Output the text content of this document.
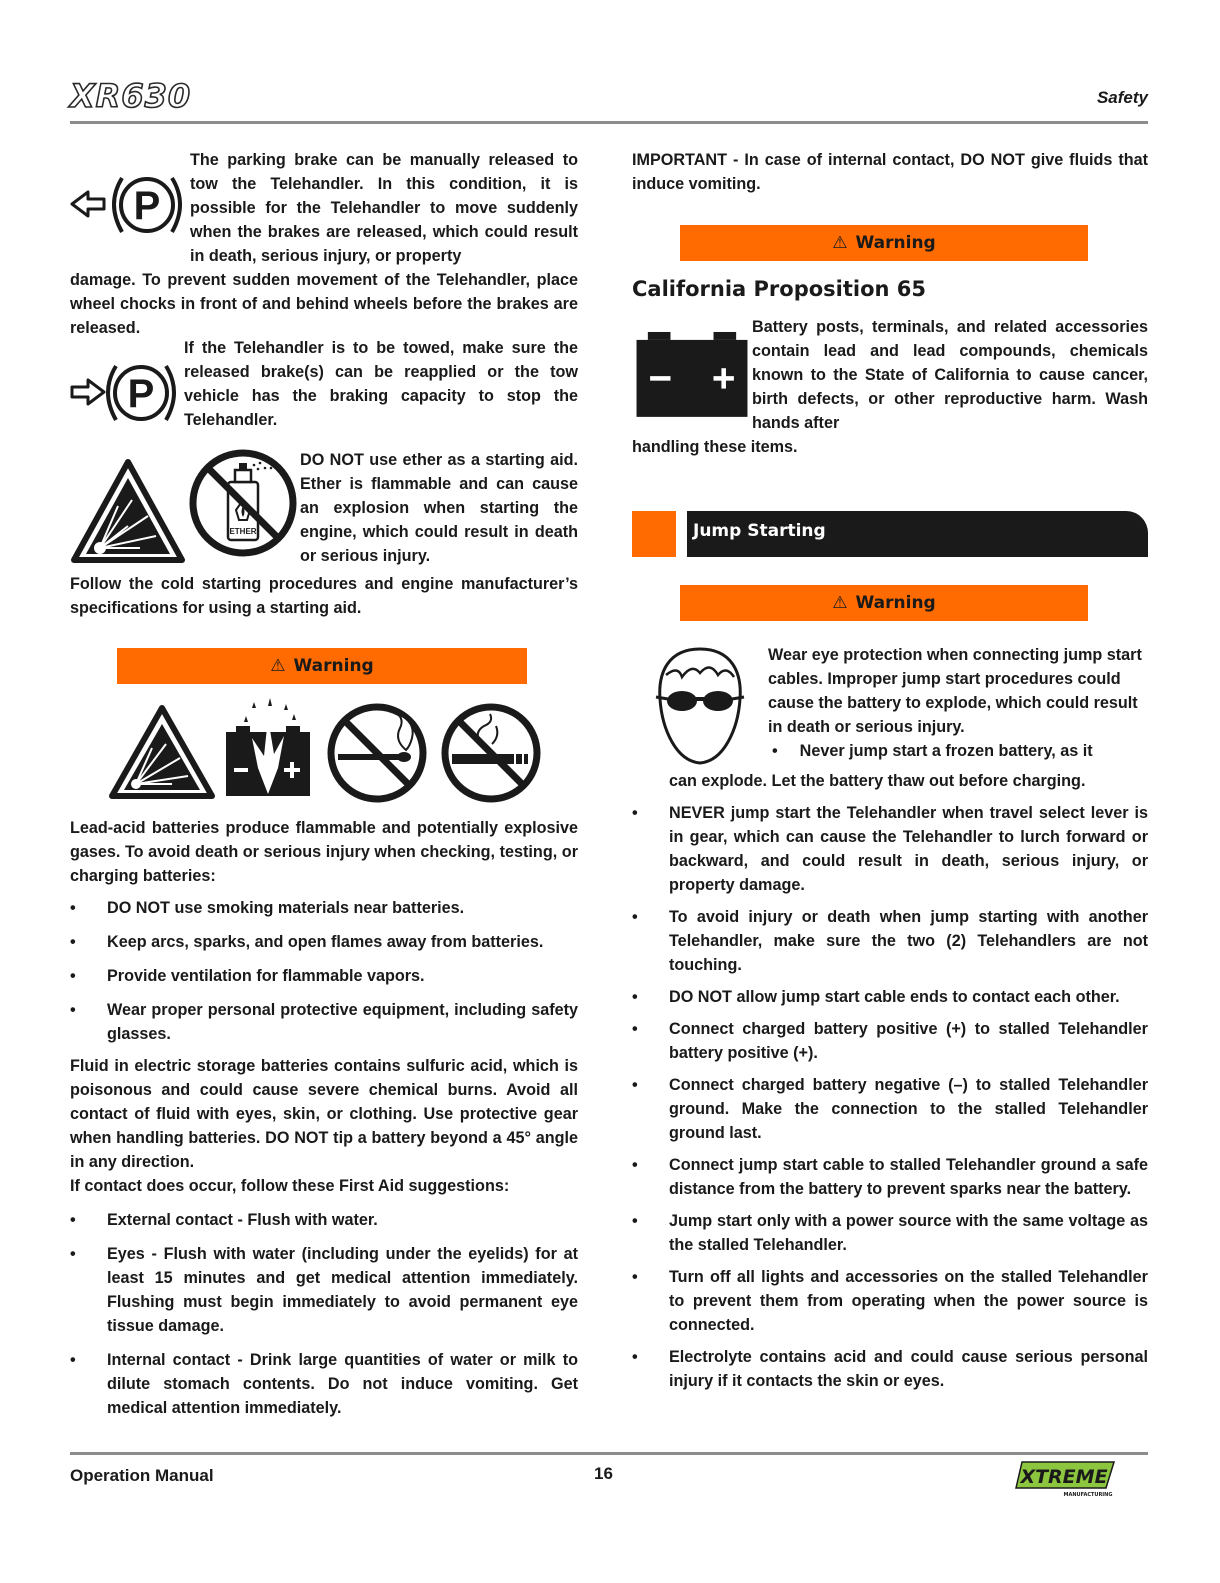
XR630	Safety
P

The parking brake can be manually released to tow the Telehandler. In this condition, it is possible for the Telehandler to move suddenly when the brakes are released, which could result in death, serious injury, or property

damage. To prevent sudden movement of the Telehandler, place wheel chocks in front of and behind wheels before the brakes are released.

P

If the Telehandler is to be towed, make sure the released brake(s) can be reapplied or the tow vehicle has the braking capacity to stop the Telehandler.

ETHER

DO NOT use ether as a starting aid. Ether is flammable and can cause an explosion when starting the engine, which could result in death or serious injury.

Follow the cold starting procedures and engine manufacturer’s specifications for using a starting aid.

⚠ Warning

Lead-acid batteries produce flammable and potentially explosive gases. To avoid death or serious injury when checking, testing, or charging batteries:

• DO NOT use smoking materials near batteries.
• Keep arcs, sparks, and open flames away from batteries.
• Provide ventilation for flammable vapors.
• Wear proper personal protective equipment, including safety glasses.

Fluid in electric storage batteries contains sulfuric acid, which is poisonous and could cause severe chemical burns. Avoid all contact of fluid with eyes, skin, or clothing. Use protective gear when handling batteries. DO NOT tip a battery beyond a 45° angle in any direction.

If contact does occur, follow these First Aid suggestions:

• External contact - Flush with water.
• Eyes - Flush with water (including under the eyelids) for at least 15 minutes and get medical attention immediately. Flushing must begin immediately to avoid permanent eye tissue damage.
• Internal contact - Drink large quantities of water or milk to dilute stomach contents. Do not induce vomiting. Get medical attention immediately.

IMPORTANT - In case of internal contact, DO NOT give fluids that induce vomiting.

⚠ Warning
California Proposition 65

Battery posts, terminals, and related accessories contain lead and lead compounds, chemicals known to the State of California to cause cancer, birth defects, or other reproductive harm. Wash hands after

handling these items.

Jump Starting
⚠ Warning

Wear eye protection when connecting jump start cables. Improper jump start procedures could cause the battery to explode, which could result in death or serious injury.

• Never jump start a frozen battery, as it

can explode. Let the battery thaw out before charging.

• NEVER jump start the Telehandler when travel select lever is in gear, which can cause the Telehandler to lurch forward or backward, and could result in death, serious injury, or property damage.
• To avoid injury or death when jump starting with another Telehandler, make sure the two (2) Telehandlers are not touching.
• DO NOT allow jump start cable ends to contact each other.
• Connect charged battery positive (+) to stalled Telehandler battery positive (+).
• Connect charged battery negative (–) to stalled Telehandler ground. Make the connection to the stalled Telehandler ground last.
• Connect jump start cable to stalled Telehandler ground a safe distance from the battery to prevent sparks near the battery.
• Jump start only with a power source with the same voltage as the stalled Telehandler.
• Turn off all lights and accessories on the stalled Telehandler to prevent them from operating when the power source is connected.
• Electrolyte contains acid and could cause serious personal injury if it contacts the skin or eyes.
Operation Manual	16	XTREME
MANUFACTURING
